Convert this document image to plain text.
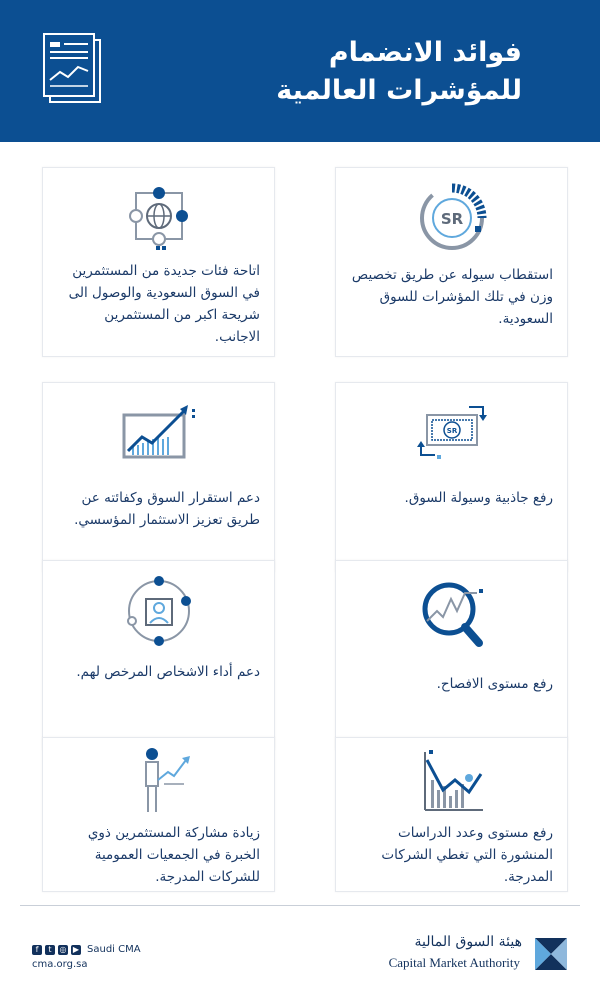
فوائد الانضمام
للمؤشرات العالمية
SR
استقطاب سيوله عن طريق تخصيص وزن في تلك المؤشرات للسوق السعودية.
اتاحة فئات جديدة من المستثمرين في السوق السعودية والوصول الى شريحة اكبر من المستثمرين الاجانب.
SR
رفع جاذبية وسيولة السوق.
دعم استقرار السوق وكفائته عن طريق تعزيز الاستثمار المؤسسي.
رفع مستوى الافصاح.
دعم أداء الاشخاص المرخص لهم.
رفع مستوى وعدد الدراسات المنشورة التي تغطي الشركات المدرجة.
زيادة مشاركة المستثمرين ذوي الخبرة في الجمعيات العمومية للشركات المدرجة.
f	t ◎ ▶ Saudi CMA
cma.org.sa
هيئة السوق المالية
Capital Market Authority
